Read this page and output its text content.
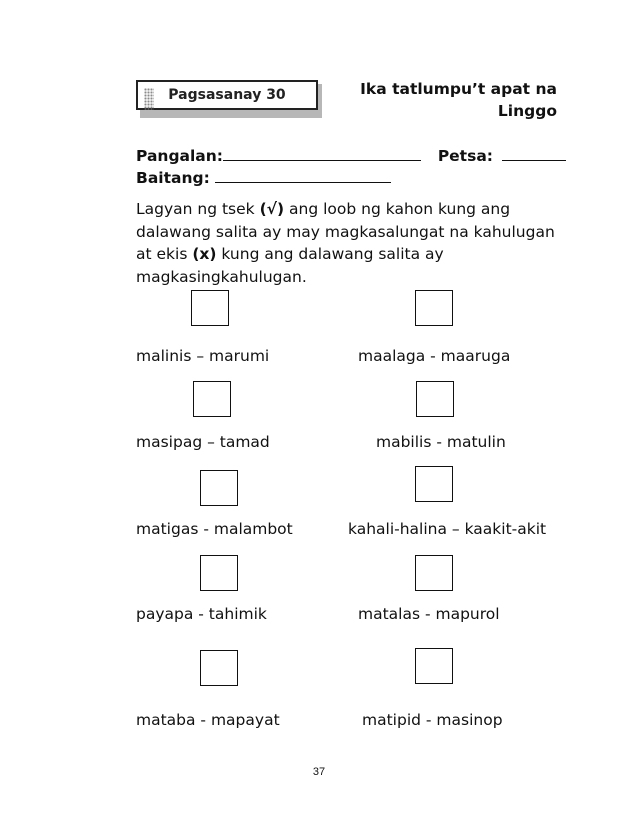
Pagsasanay 30	Ika tatlumpu’t apat na
Linggo
Pangalan:	Petsa:
Baitang:
Lagyan ng tsek (√) ang loob ng kahon kung ang dalawang salita ay may magkasalungat na kahulugan at ekis (x) kung ang dalawang salita ay magkasingkahulugan.
malinis – marumi	maalaga - maaruga
masipag – tamad	mabilis - matulin
matigas - malambot	kahali-halina – kaakit-akit
payapa - tahimik	matalas - mapurol
mataba - mapayat	matipid - masinop
37
